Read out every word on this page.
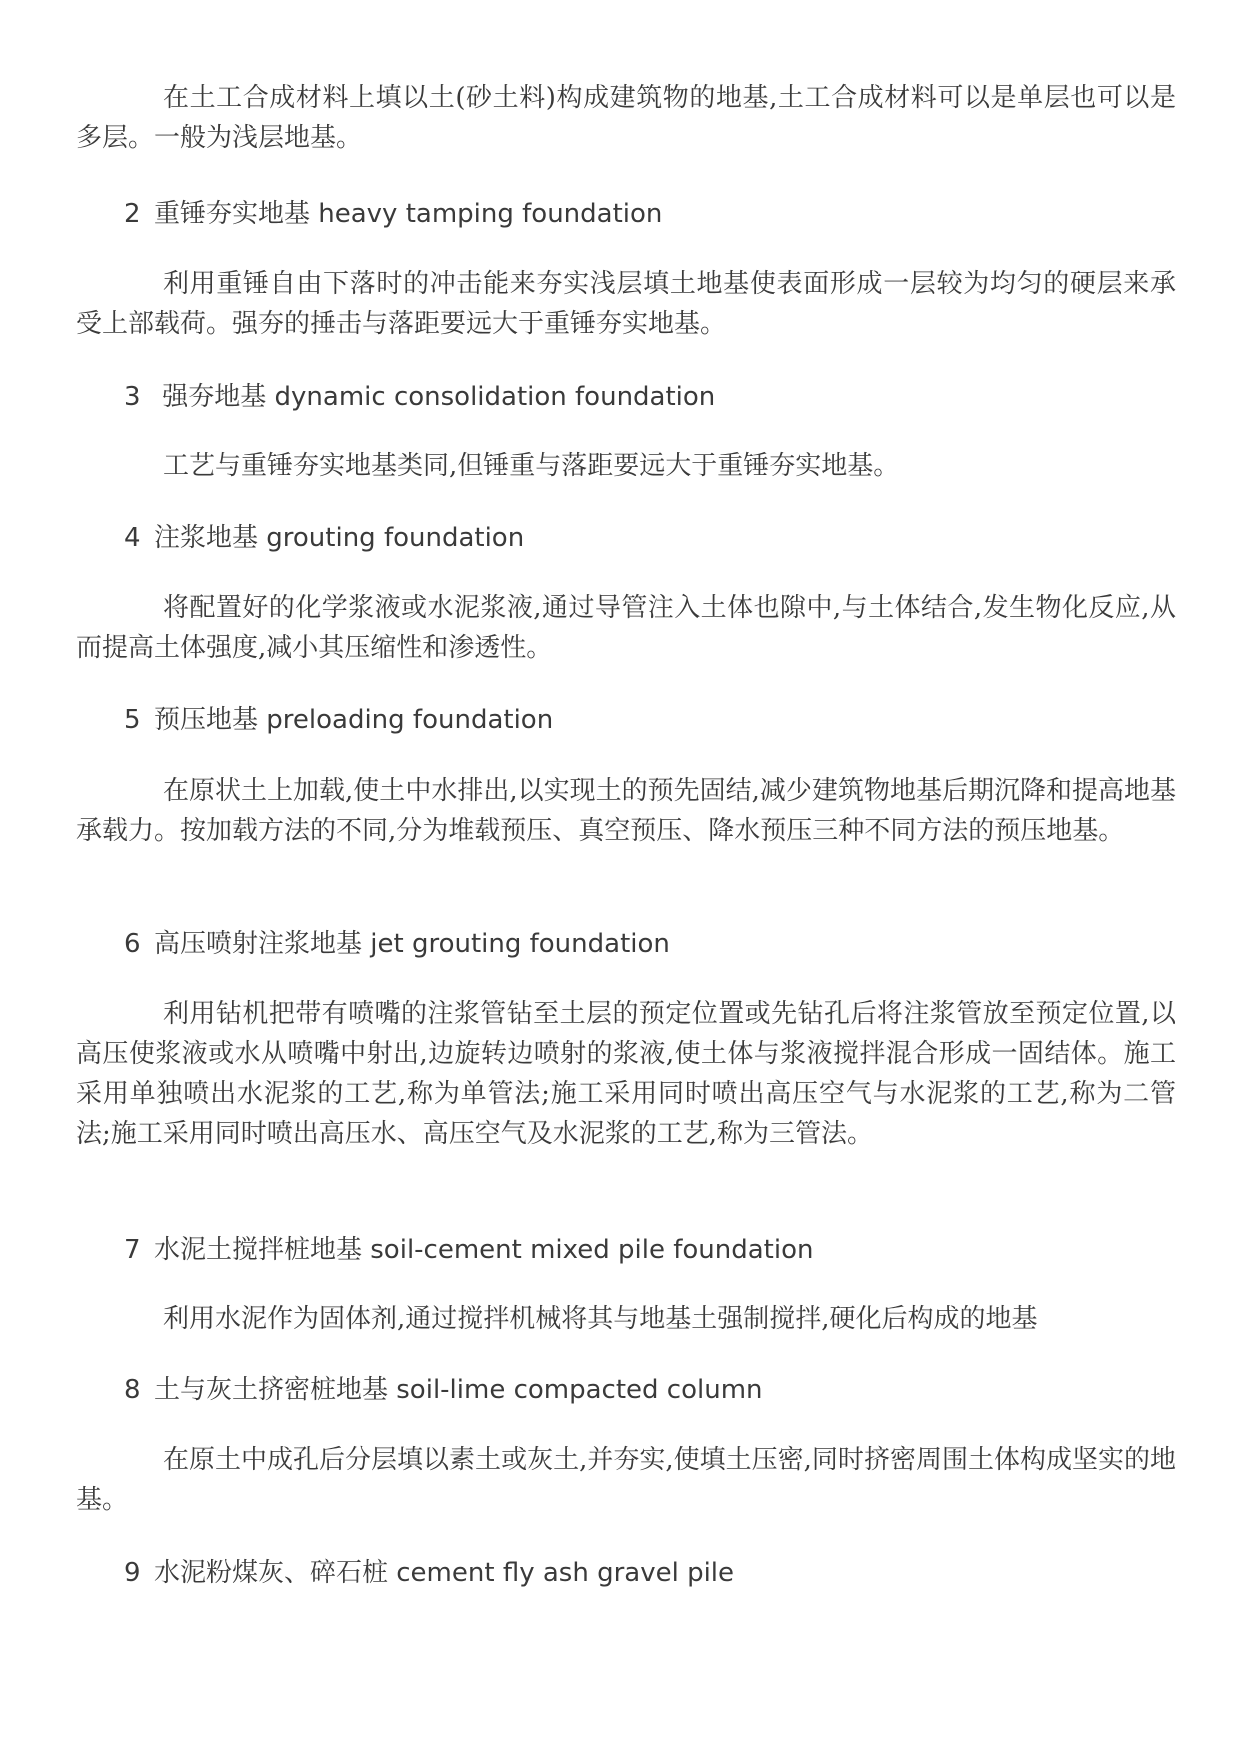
在土工合成材料上填以土(砂土料)构成建筑物的地基,土工合成材料可以是单层也可以是多层。一般为浅层地基。

2 重锤夯实地基 heavy tamping foundation

利用重锤自由下落时的冲击能来夯实浅层填土地基使表面形成一层较为均匀的硬层来承受上部载荷。强夯的捶击与落距要远大于重锤夯实地基。

3 强夯地基 dynamic consolidation foundation

工艺与重锤夯实地基类同,但锤重与落距要远大于重锤夯实地基。

4 注浆地基 grouting foundation

将配置好的化学浆液或水泥浆液,通过导管注入土体也隙中,与土体结合,发生物化反应,从而提高土体强度,减小其压缩性和渗透性。

5 预压地基 preloading foundation

在原状土上加载,使土中水排出,以实现土的预先固结,减少建筑物地基后期沉降和提高地基承载力。按加载方法的不同,分为堆载预压、真空预压、降水预压三种不同方法的预压地基。

6 高压喷射注浆地基 jet grouting foundation

利用钻机把带有喷嘴的注浆管钻至土层的预定位置或先钻孔后将注浆管放至预定位置,以高压使浆液或水从喷嘴中射出,边旋转边喷射的浆液,使土体与浆液搅拌混合形成一固结体。施工采用单独喷出水泥浆的工艺,称为单管法;施工采用同时喷出高压空气与水泥浆的工艺,称为二管法;施工采用同时喷出高压水、高压空气及水泥浆的工艺,称为三管法。

7 水泥土搅拌桩地基 soil-cement mixed pile foundation

利用水泥作为固体剂,通过搅拌机械将其与地基土强制搅拌,硬化后构成的地基

8 土与灰土挤密桩地基 soil-lime compacted column

在原土中成孔后分层填以素土或灰土,并夯实,使填土压密,同时挤密周围土体构成坚实的地基。

9 水泥粉煤灰、碎石桩 cement fly ash gravel pile
